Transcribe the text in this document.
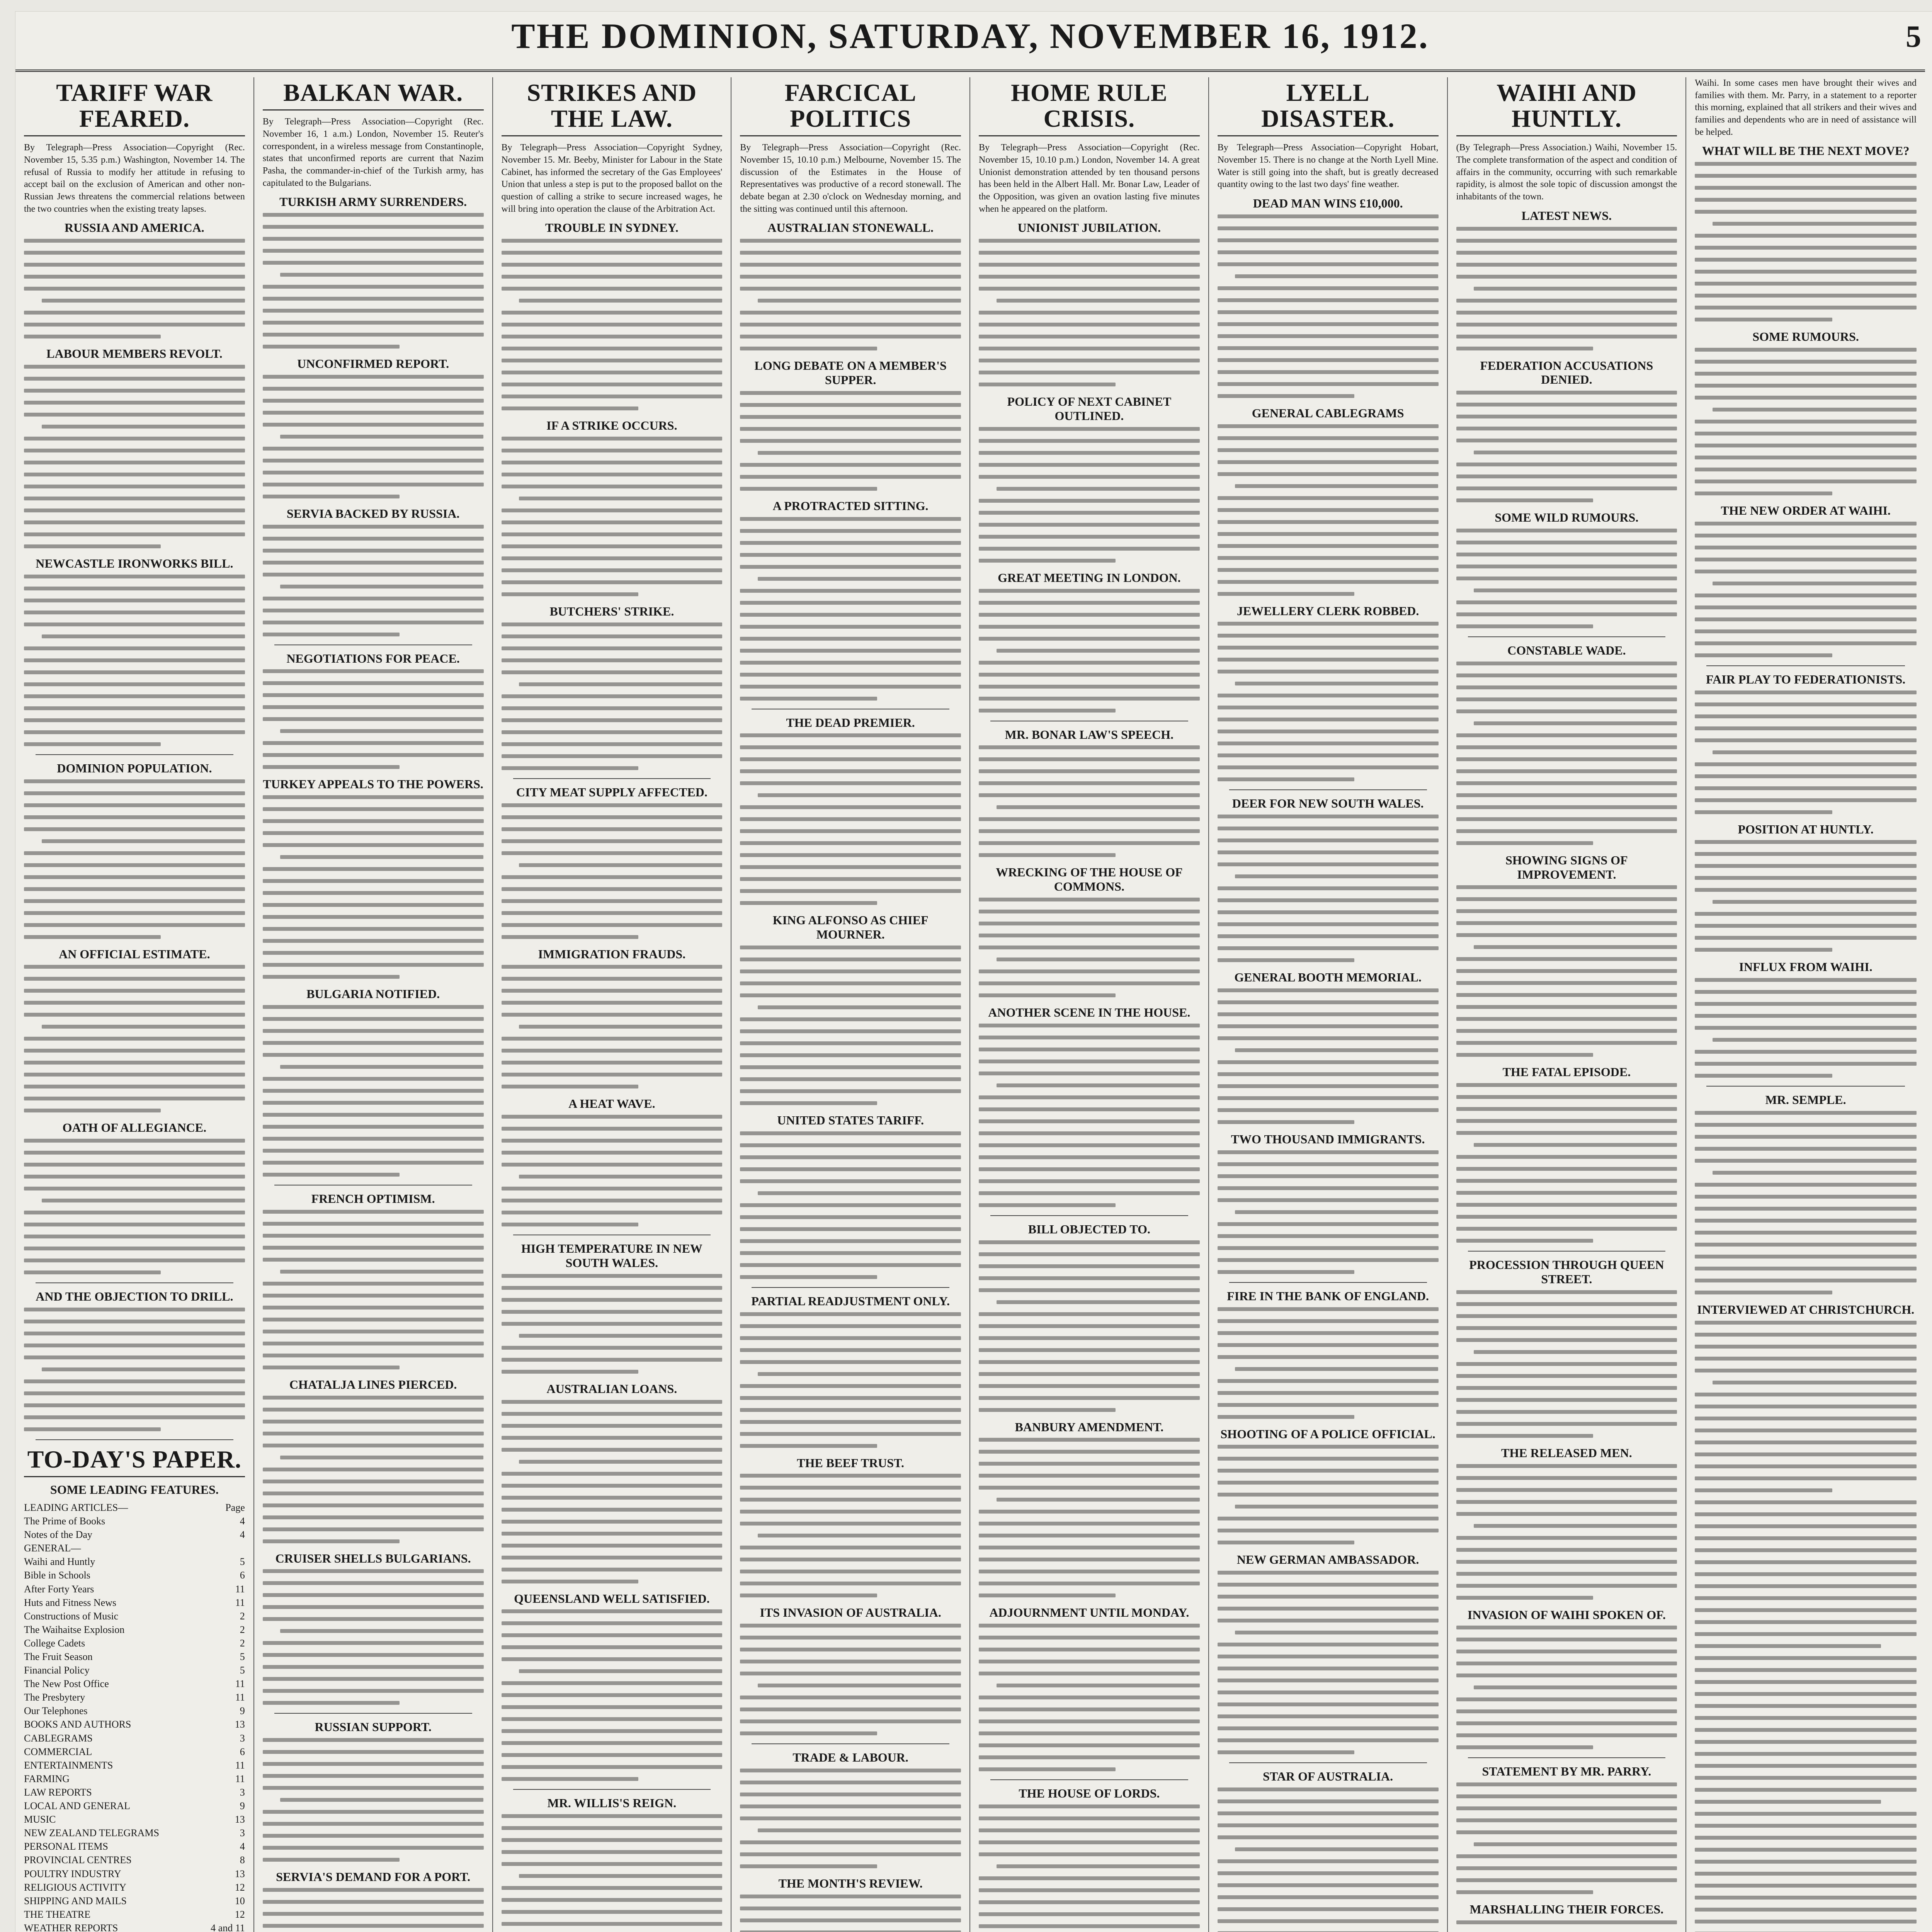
THE DOMINION, SATURDAY, NOVEMBER 16, 1912.	5
TARIFF WAR FEARED.

By Telegraph—Press Association—Copyright (Rec. November 15, 5.35 p.m.) Washington, November 14. The refusal of Russia to modify her attitude in refusing to accept bail on the exclusion of American and other non-Russian Jews threatens the commercial relations between the two countries when the existing treaty lapses.

RUSSIA AND AMERICA.
LABOUR MEMBERS REVOLT.
NEWCASTLE IRONWORKS BILL.
DOMINION POPULATION.
AN OFFICIAL ESTIMATE.
OATH OF ALLEGIANCE.
AND THE OBJECTION TO DRILL.
TO-DAY'S PAPER.
SOME LEADING FEATURES.
LEADING ARTICLES—	Page
The Prime of Books	4
Notes of the Day	4
GENERAL—
Waihi and Huntly	5
Bible in Schools	6
After Forty Years	11
Huts and Fitness News	11
Constructions of Music	2
The Waihaitse Explosion	2
College Cadets	2
The Fruit Season	5
Financial Policy	5
The New Post Office	11
The Presbytery	11
Our Telephones	9
BOOKS AND AUTHORS	13
CABLEGRAMS	3
COMMERCIAL	6
ENTERTAINMENTS	11
FARMING	11
LAW REPORTS	3
LOCAL AND GENERAL	9
MUSIC	13
NEW ZEALAND TELEGRAMS	3
PERSONAL ITEMS	4
PROVINCIAL CENTRES	8
POULTRY INDUSTRY	13
RELIGIOUS ACTIVITY	12
SHIPPING AND MAILS	10
THE THEATRE	12
WEATHER REPORTS	4 and 11
BALKAN WAR.

By Telegraph—Press Association—Copyright (Rec. November 16, 1 a.m.) London, November 15. Reuter's correspondent, in a wireless message from Constantinople, states that unconfirmed reports are current that Nazim Pasha, the commander-in-chief of the Turkish army, has capitulated to the Bulgarians.

TURKISH ARMY SURRENDERS.
UNCONFIRMED REPORT.
SERVIA BACKED BY RUSSIA.
NEGOTIATIONS FOR PEACE.
TURKEY APPEALS TO THE POWERS.
BULGARIA NOTIFIED.
FRENCH OPTIMISM.
CHATALJA LINES PIERCED.
CRUISER SHELLS BULGARIANS.
RUSSIAN SUPPORT.
SERVIA'S DEMAND FOR A PORT.
STRIKES AND THE LAW.

By Telegraph—Press Association—Copyright Sydney, November 15. Mr. Beeby, Minister for Labour in the State Cabinet, has informed the secretary of the Gas Employees' Union that unless a step is put to the proposed ballot on the question of calling a strike to secure increased wages, he will bring into operation the clause of the Arbitration Act.

TROUBLE IN SYDNEY.
IF A STRIKE OCCURS.
BUTCHERS' STRIKE.
CITY MEAT SUPPLY AFFECTED.
IMMIGRATION FRAUDS.
A HEAT WAVE.
HIGH TEMPERATURE IN NEW SOUTH WALES.
AUSTRALIAN LOANS.
QUEENSLAND WELL SATISFIED.
MR. WILLIS'S REIGN.
FARCICAL POLITICS

By Telegraph—Press Association—Copyright (Rec. November 15, 10.10 p.m.) Melbourne, November 15. The discussion of the Estimates in the House of Representatives was productive of a record stonewall. The debate began at 2.30 o'clock on Wednesday morning, and the sitting was continued until this afternoon.

AUSTRALIAN STONEWALL.
LONG DEBATE ON A MEMBER'S SUPPER.
A PROTRACTED SITTING.
THE DEAD PREMIER.
KING ALFONSO AS CHIEF MOURNER.
UNITED STATES TARIFF.
PARTIAL READJUSTMENT ONLY.
THE BEEF TRUST.
ITS INVASION OF AUSTRALIA.
TRADE & LABOUR.
THE MONTH'S REVIEW.
HOME RULE CRISIS.

By Telegraph—Press Association—Copyright (Rec. November 15, 10.10 p.m.) London, November 14. A great Unionist demonstration attended by ten thousand persons has been held in the Albert Hall. Mr. Bonar Law, Leader of the Opposition, was given an ovation lasting five minutes when he appeared on the platform.

UNIONIST JUBILATION.
POLICY OF NEXT CABINET OUTLINED.
GREAT MEETING IN LONDON.
MR. BONAR LAW'S SPEECH.
WRECKING OF THE HOUSE OF COMMONS.
ANOTHER SCENE IN THE HOUSE.
BILL OBJECTED TO.
BANBURY AMENDMENT.
ADJOURNMENT UNTIL MONDAY.
THE HOUSE OF LORDS.
LYELL DISASTER.

By Telegraph—Press Association—Copyright Hobart, November 15. There is no change at the North Lyell Mine. Water is still going into the shaft, but is greatly decreased quantity owing to the last two days' fine weather.

DEAD MAN WINS £10,000.
GENERAL CABLEGRAMS
JEWELLERY CLERK ROBBED.
DEER FOR NEW SOUTH WALES.
GENERAL BOOTH MEMORIAL.
TWO THOUSAND IMMIGRANTS.
FIRE IN THE BANK OF ENGLAND.
SHOOTING OF A POLICE OFFICIAL.
NEW GERMAN AMBASSADOR.
STAR OF AUSTRALIA.
WAIHI AND HUNTLY.

(By Telegraph—Press Association.) Waihi, November 15. The complete transformation of the aspect and condition of affairs in the community, occurring with such remarkable rapidity, is almost the sole topic of discussion amongst the inhabitants of the town.

LATEST NEWS.
FEDERATION ACCUSATIONS DENIED.
SOME WILD RUMOURS.
CONSTABLE WADE.
SHOWING SIGNS OF IMPROVEMENT.
THE FATAL EPISODE.
PROCESSION THROUGH QUEEN STREET.
THE RELEASED MEN.
INVASION OF WAIHI SPOKEN OF.
STATEMENT BY MR. PARRY.
MARSHALLING THEIR FORCES.

Waihi. In some cases men have brought their wives and families with them. Mr. Parry, in a statement to a reporter this morning, explained that all strikers and their wives and families and dependents who are in need of assistance will be helped.

WHAT WILL BE THE NEXT MOVE?
SOME RUMOURS.
THE NEW ORDER AT WAIHI.
FAIR PLAY TO FEDERATIONISTS.
POSITION AT HUNTLY.
INFLUX FROM WAIHI.
MR. SEMPLE.
INTERVIEWED AT CHRISTCHURCH.
